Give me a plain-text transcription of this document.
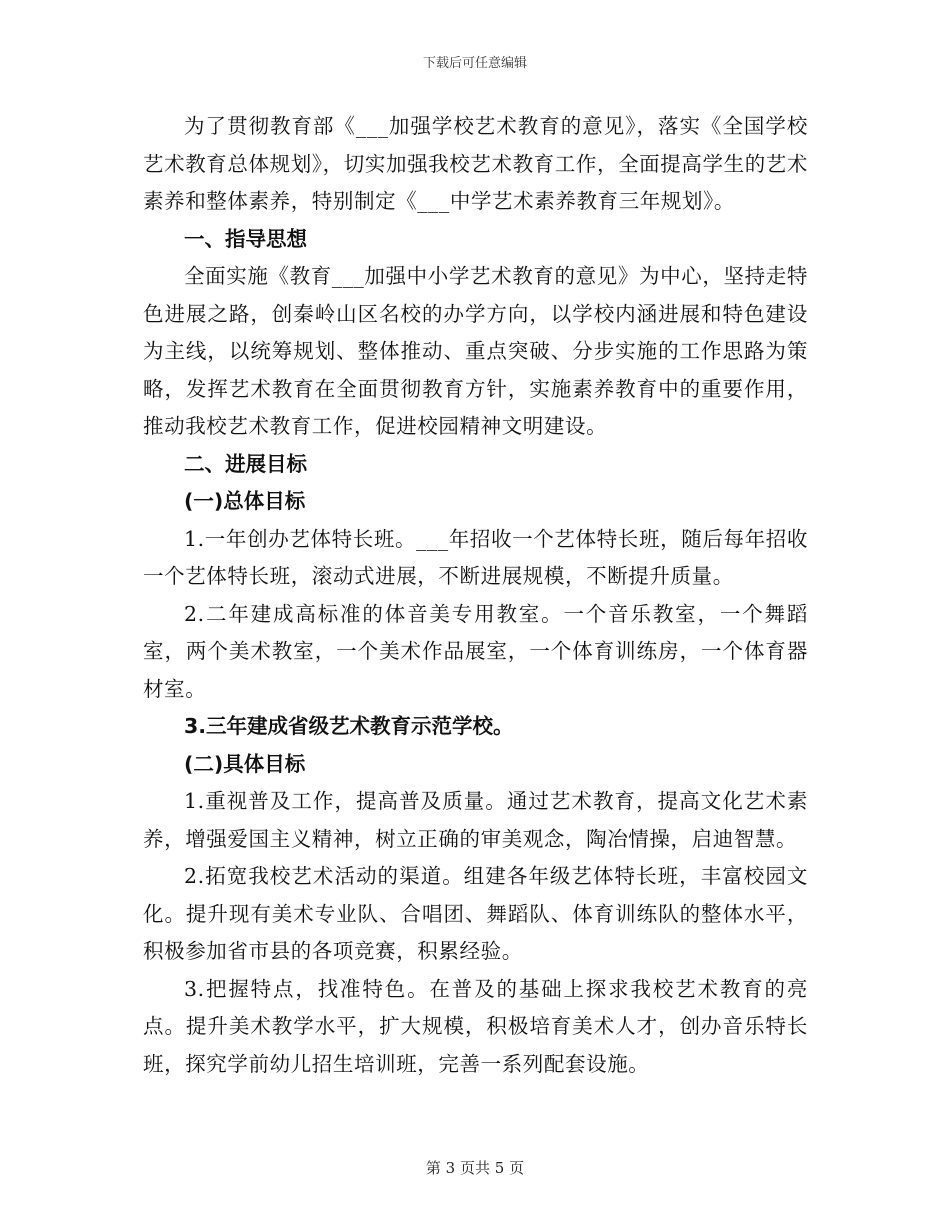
下载后可任意编辑

为了贯彻教育部《___加强学校艺术教育的意见》，落实《全国学校艺术教育总体规划》，切实加强我校艺术教育工作，全面提高学生的艺术素养和整体素养，特别制定《___中学艺术素养教育三年规划》。

一、指导思想

全面实施《教育___加强中小学艺术教育的意见》为中心，坚持走特色进展之路，创秦岭山区名校的办学方向，以学校内涵进展和特色建设为主线，以统筹规划、整体推动、重点突破、分步实施的工作思路为策略，发挥艺术教育在全面贯彻教育方针，实施素养教育中的重要作用，推动我校艺术教育工作，促进校园精神文明建设。

二、进展目标

(一)总体目标

1.一年创办艺体特长班。___年招收一个艺体特长班，随后每年招收一个艺体特长班，滚动式进展，不断进展规模，不断提升质量。

2.二年建成高标准的体音美专用教室。一个音乐教室，一个舞蹈室，两个美术教室，一个美术作品展室，一个体育训练房，一个体育器材室。

3.三年建成省级艺术教育示范学校。

(二)具体目标

1.重视普及工作，提高普及质量。通过艺术教育，提高文化艺术素养，增强爱国主义精神，树立正确的审美观念，陶冶情操，启迪智慧。

2.拓宽我校艺术活动的渠道。组建各年级艺体特长班，丰富校园文化。提升现有美术专业队、合唱团、舞蹈队、体育训练队的整体水平，积极参加省市县的各项竞赛，积累经验。

3.把握特点，找准特色。在普及的基础上探求我校艺术教育的亮点。提升美术教学水平，扩大规模，积极培育美术人才，创办音乐特长班，探究学前幼儿招生培训班，完善一系列配套设施。

第 3 页共 5 页
